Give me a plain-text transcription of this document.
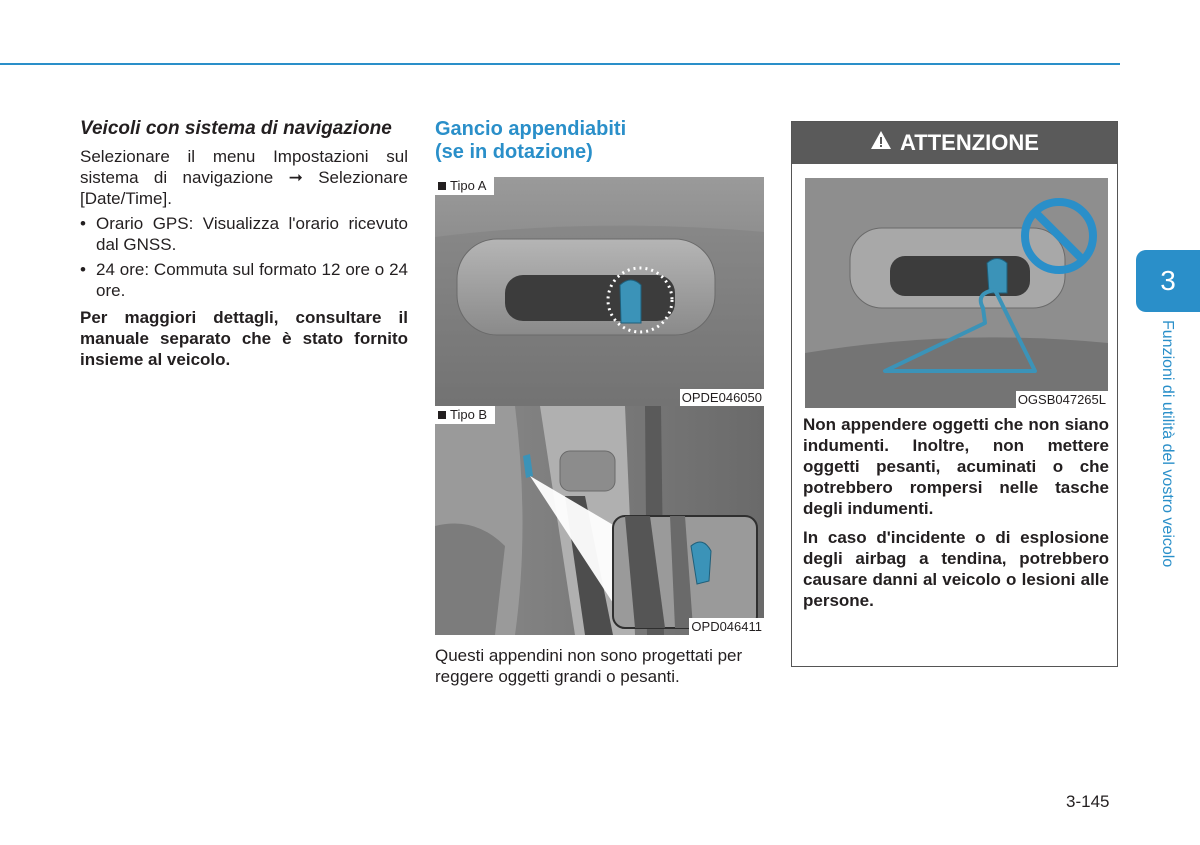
Veicoli con sistema di navigazione

Selezionare il menu Impostazioni sul sistema di navigazione ➞ Selezionare [Date/Time].

• Orario GPS: Visualizza l'orario ricevuto dal GNSS.
• 24 ore: Commuta sul formato 12 ore o 24 ore.

Per maggiori dettagli, consultare il manuale separato che è stato fornito insieme al veicolo.

Gancio appendiabiti
(se in dotazione)

Tipo A
OPDE046050
Tipo B
OPD046411
Questi appendini non sono progettati per reggere oggetti grandi o pesanti.
ATTENZIONE
OGSB047265L

Non appendere oggetti che non siano indumenti. Inoltre, non mettere oggetti pesanti, acuminati o che potrebbero rompersi nelle tasche degli indumenti.

In caso d'incidente o di esplosione degli airbag a tendina, potrebbero causare danni al veicolo o lesioni alle persone.

3
Funzioni di utilità del vostro veicolo
3-145
